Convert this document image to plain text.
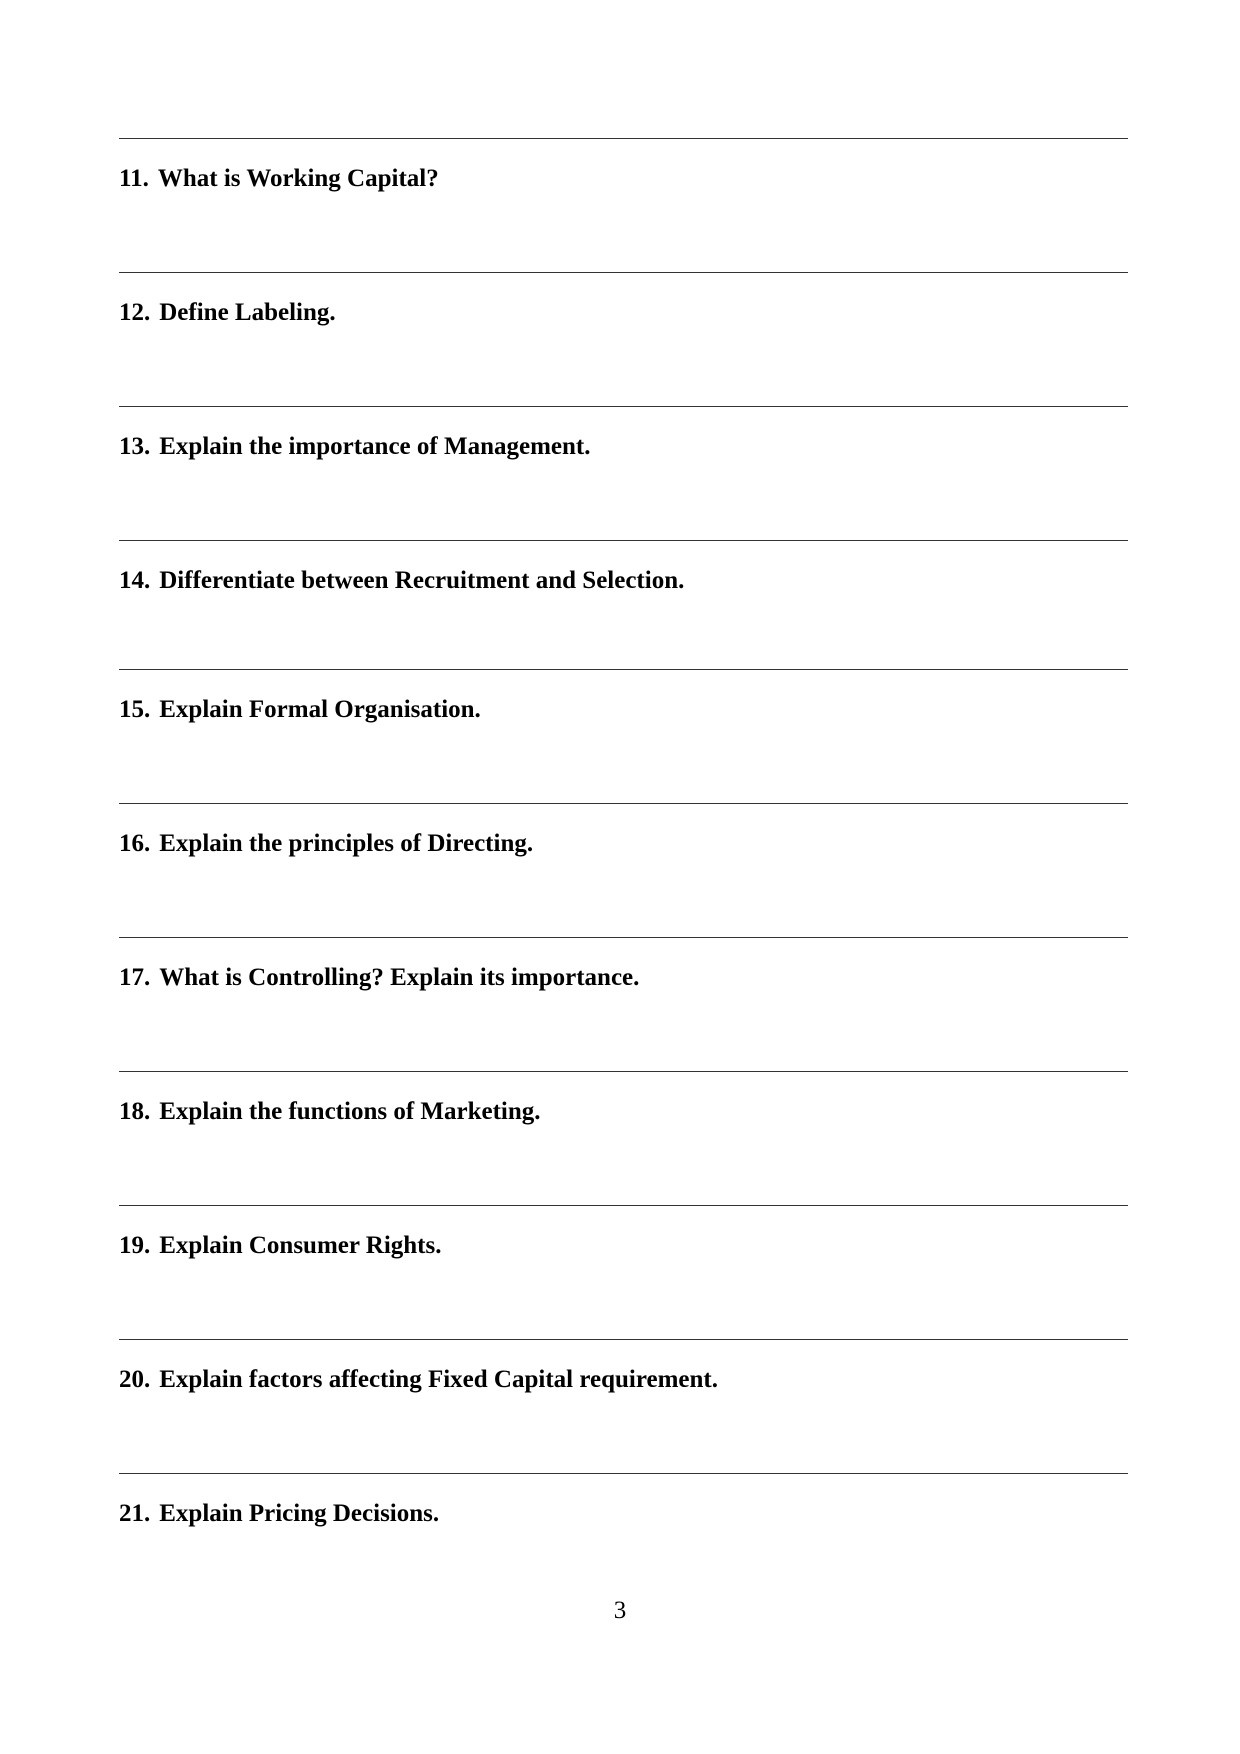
11. What is Working Capital?

12. Define Labeling.

13. Explain the importance of Management.

14. Differentiate between Recruitment and Selection.

15. Explain Formal Organisation.

16. Explain the principles of Directing.

17. What is Controlling? Explain its importance.

18. Explain the functions of Marketing.

19. Explain Consumer Rights.

20. Explain factors affecting Fixed Capital requirement.

21. Explain Pricing Decisions.

3
